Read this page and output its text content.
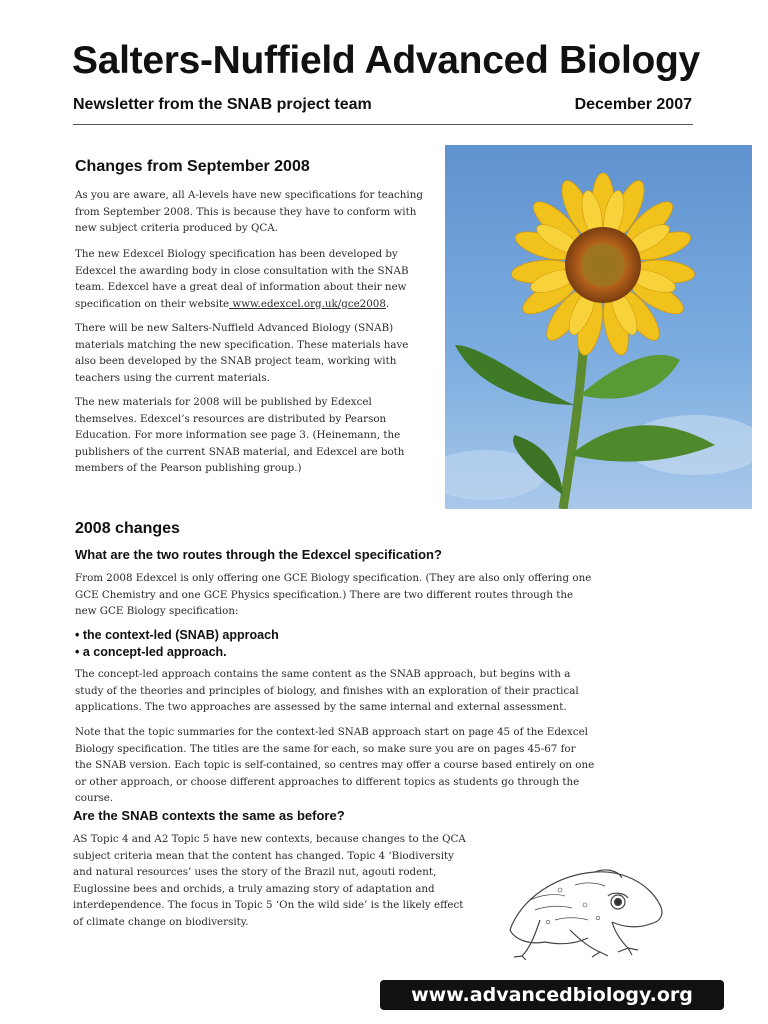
Salters-Nuffield Advanced Biology
Newsletter from the SNAB project team	December 2007
Changes from September 2008

As you are aware, all A-levels have new specifications for teaching from September 2008. This is because they have to conform with new subject criteria produced by QCA.

The new Edexcel Biology specification has been developed by Edexcel the awarding body in close consultation with the SNAB team. Edexcel have a great deal of information about their new specification on their website www.edexcel.org.uk/gce2008.

There will be new Salters-Nuffield Advanced Biology (SNAB) materials matching the new specification. These materials have also been developed by the SNAB project team, working with teachers using the current materials.

The new materials for 2008 will be published by Edexcel themselves. Edexcel’s resources are distributed by Pearson Education. For more information see page 3. (Heinemann, the publishers of the current SNAB material, and Edexcel are both members of the Pearson publishing group.)

2008 changes
What are the two routes through the Edexcel specification?

From 2008 Edexcel is only offering one GCE Biology specification. (They are also only offering one GCE Chemistry and one GCE Physics specification.) There are two different routes through the new GCE Biology specification:

• the context-led (SNAB) approach
• a concept-led approach.

The concept-led approach contains the same content as the SNAB approach, but begins with a study of the theories and principles of biology, and finishes with an exploration of their practical applications. The two approaches are assessed by the same internal and external assessment.

Note that the topic summaries for the context-led SNAB approach start on page 45 of the Edexcel Biology specification. The titles are the same for each, so make sure you are on pages 45-67 for the SNAB version. Each topic is self-contained, so centres may offer a course based entirely on one or other approach, or choose different approaches to different topics as students go through the course.

Are the SNAB contexts the same as before?

AS Topic 4 and A2 Topic 5 have new contexts, because changes to the QCA subject criteria mean that the content has changed. Topic 4 ‘Biodiversity and natural resources’ uses the story of the Brazil nut, agouti rodent, Euglossine bees and orchids, a truly amazing story of adaptation and interdependence. The focus in Topic 5 ‘On the wild side’ is the likely effect of climate change on biodiversity.

www.advancedbiology.org
